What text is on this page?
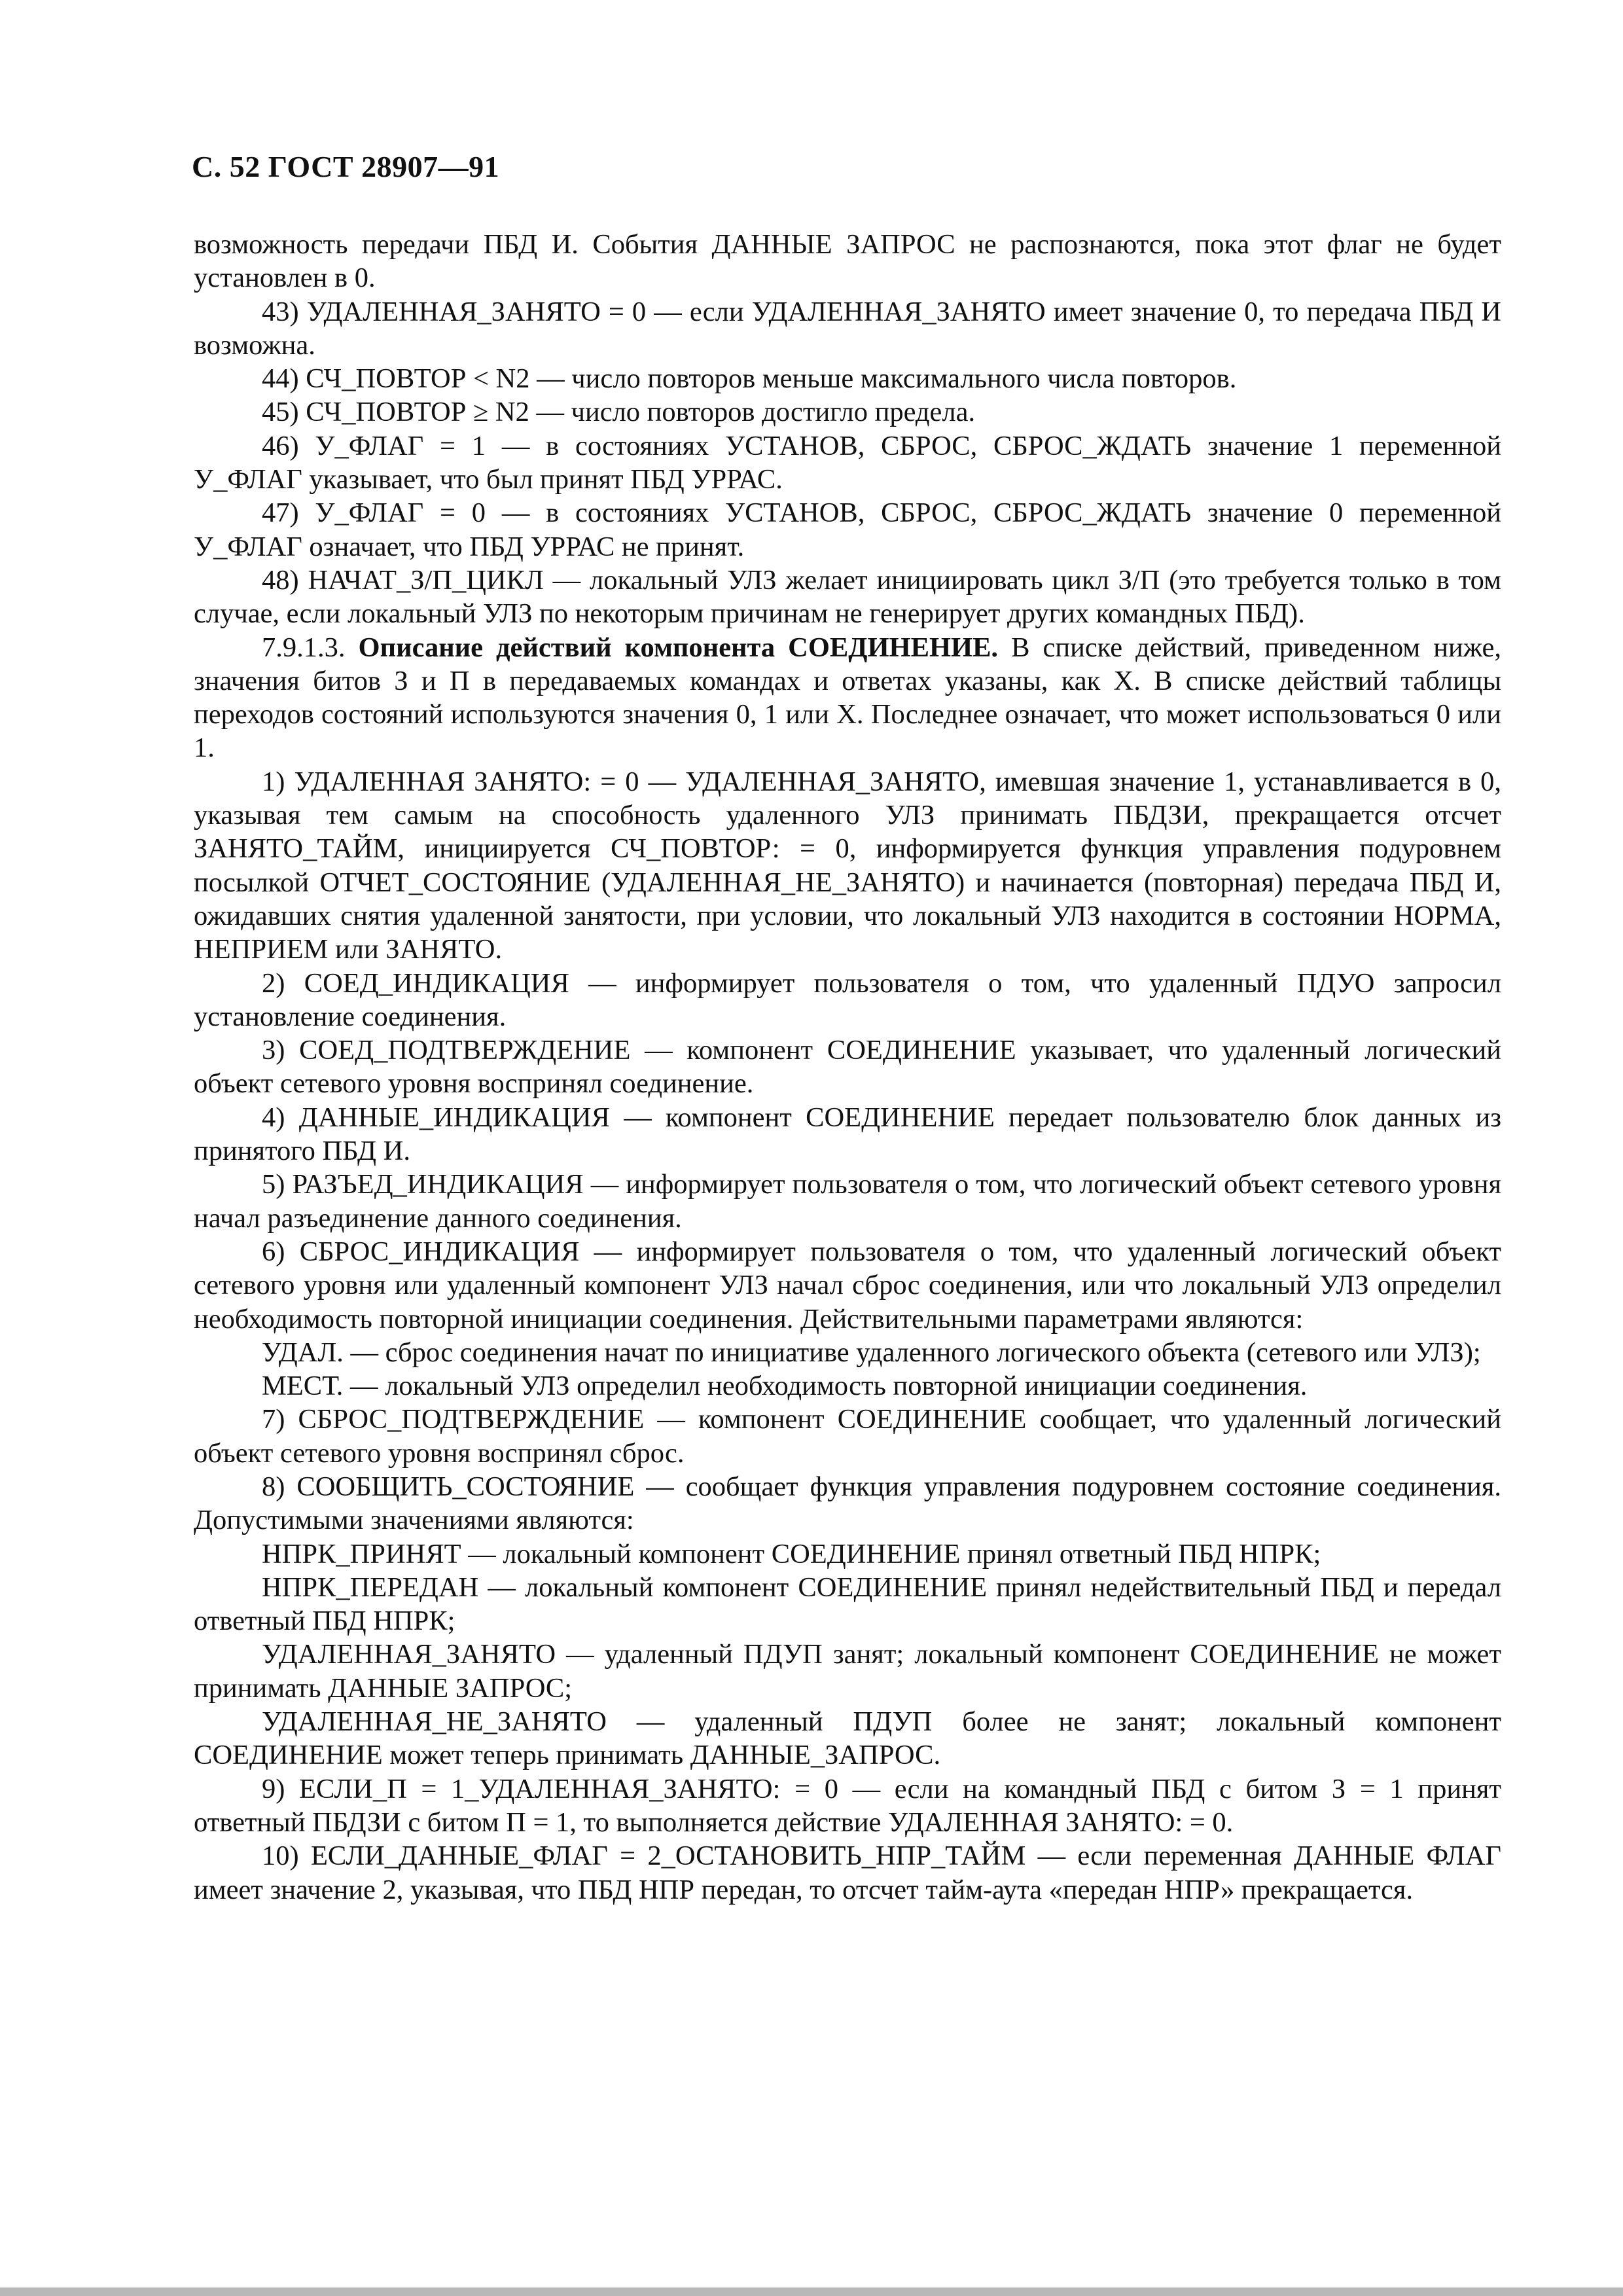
С. 52 ГОСТ 28907—91

возможность передачи ПБД И. События ДАННЫЕ ЗАПРОС не распознаются, пока этот флаг не будет установлен в 0.

43) УДАЛЕННАЯ_ЗАНЯТО = 0 — если УДАЛЕННАЯ_ЗАНЯТО имеет значение 0, то передача ПБД И возможна.

44) СЧ_ПОВТОР < N2 — число повторов меньше максимального числа повторов.

45) СЧ_ПОВТОР ≥ N2 — число повторов достигло предела.

46) У_ФЛАГ = 1 — в состояниях УСТАНОВ, СБРОС, СБРОС_ЖДАТЬ значение 1 переменной У_ФЛАГ указывает, что был принят ПБД УРРАС.

47) У_ФЛАГ = 0 — в состояниях УСТАНОВ, СБРОС, СБРОС_ЖДАТЬ значение 0 переменной У_ФЛАГ означает, что ПБД УРРАС не принят.

48) НАЧАТ_З/П_ЦИКЛ — локальный УЛЗ желает инициировать цикл З/П (это требуется только в том случае, если локальный УЛЗ по некоторым причинам не генерирует других командных ПБД).

7.9.1.3. Описание действий компонента СОЕДИНЕНИЕ. В списке действий, приведенном ниже, значения битов З и П в передаваемых командах и ответах указаны, как X. В списке действий таблицы переходов состояний используются значения 0, 1 или X. Последнее означает, что может использоваться 0 или 1.

1) УДАЛЕННАЯ ЗАНЯТО: = 0 — УДАЛЕННАЯ_ЗАНЯТО, имевшая значение 1, устанавливается в 0, указывая тем самым на способность удаленного УЛЗ принимать ПБДЗИ, прекращается отсчет ЗАНЯТО_ТАЙМ, инициируется СЧ_ПОВТОР: = 0, информируется функция управления подуровнем посылкой ОТЧЕТ_СОСТОЯНИЕ (УДАЛЕННАЯ_НЕ_ЗАНЯТО) и начинается (повторная) передача ПБД И, ожидавших снятия удаленной занятости, при условии, что локальный УЛЗ находится в состоянии НОРМА, НЕПРИЕМ или ЗАНЯТО.

2) СОЕД_ИНДИКАЦИЯ — информирует пользователя о том, что удаленный ПДУО запросил установление соединения.

3) СОЕД_ПОДТВЕРЖДЕНИЕ — компонент СОЕДИНЕНИЕ указывает, что удаленный логический объект сетевого уровня воспринял соединение.

4) ДАННЫЕ_ИНДИКАЦИЯ — компонент СОЕДИНЕНИЕ передает пользователю блок данных из принятого ПБД И.

5) РАЗЪЕД_ИНДИКАЦИЯ — информирует пользователя о том, что логический объект сетевого уровня начал разъединение данного соединения.

6) СБРОС_ИНДИКАЦИЯ — информирует пользователя о том, что удаленный логический объект сетевого уровня или удаленный компонент УЛЗ начал сброс соединения, или что локальный УЛЗ определил необходимость повторной инициации соединения. Действительными параметрами являются:

УДАЛ. — сброс соединения начат по инициативе удаленного логического объекта (сетевого или УЛЗ);

МЕСТ. — локальный УЛЗ определил необходимость повторной инициации соединения.

7) СБРОС_ПОДТВЕРЖДЕНИЕ — компонент СОЕДИНЕНИЕ сообщает, что удаленный логический объект сетевого уровня воспринял сброс.

8) СООБЩИТЬ_СОСТОЯНИЕ — сообщает функция управления подуровнем состояние соединения. Допустимыми значениями являются:

НПРК_ПРИНЯТ — локальный компонент СОЕДИНЕНИЕ принял ответный ПБД НПРК;

НПРК_ПЕРЕДАН — локальный компонент СОЕДИНЕНИЕ принял недействительный ПБД и передал ответный ПБД НПРК;

УДАЛЕННАЯ_ЗАНЯТО — удаленный ПДУП занят; локальный компонент СОЕДИНЕНИЕ не может принимать ДАННЫЕ ЗАПРОС;

УДАЛЕННАЯ_НЕ_ЗАНЯТО — удаленный ПДУП более не занят; локальный компонент СОЕДИНЕНИЕ может теперь принимать ДАННЫЕ_ЗАПРОС.

9) ЕСЛИ_П = 1_УДАЛЕННАЯ_ЗАНЯТО: = 0 — если на командный ПБД с битом З = 1 принят ответный ПБДЗИ с битом П = 1, то выполняется действие УДАЛЕННАЯ ЗАНЯТО: = 0.

10) ЕСЛИ_ДАННЫЕ_ФЛАГ = 2_ОСТАНОВИТЬ_НПР_ТАЙМ — если переменная ДАННЫЕ ФЛАГ имеет значение 2, указывая, что ПБД НПР передан, то отсчет тайм-аута «передан НПР» прекращается.
